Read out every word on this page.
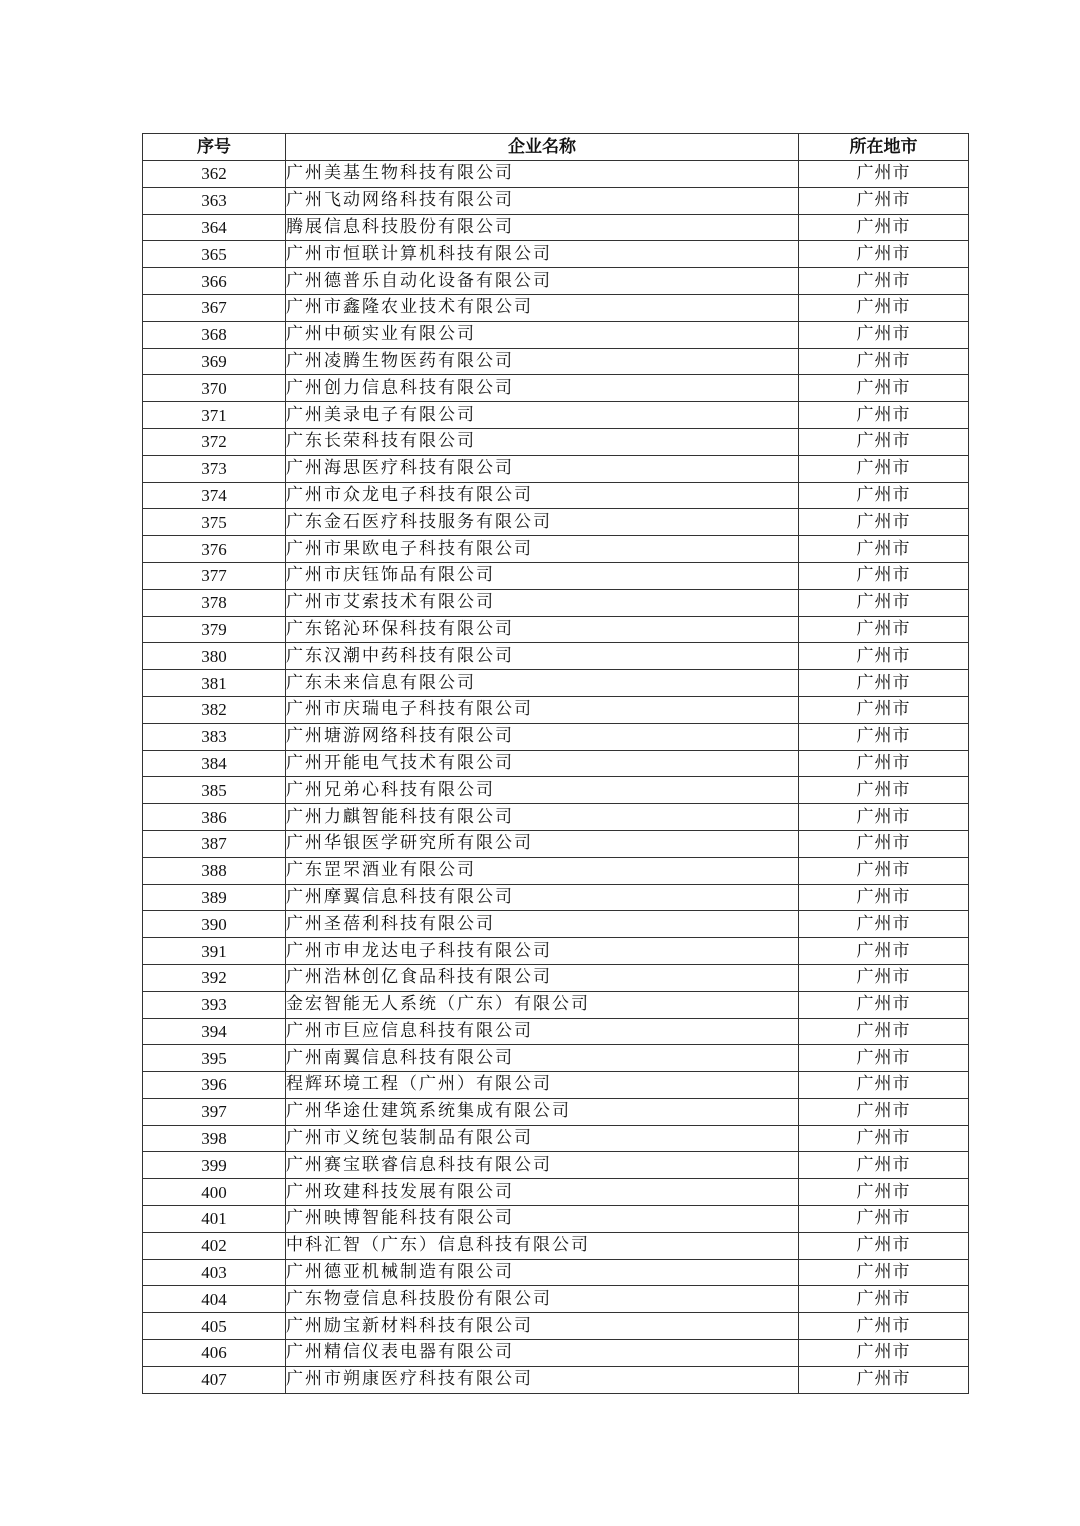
序号	企业名称	所在地市
362	广州美基生物科技有限公司	广州市
363	广州飞动网络科技有限公司	广州市
364	腾展信息科技股份有限公司	广州市
365	广州市恒联计算机科技有限公司	广州市
366	广州德普乐自动化设备有限公司	广州市
367	广州市鑫隆农业技术有限公司	广州市
368	广州中硕实业有限公司	广州市
369	广州凌腾生物医药有限公司	广州市
370	广州创力信息科技有限公司	广州市
371	广州美录电子有限公司	广州市
372	广东长荣科技有限公司	广州市
373	广州海思医疗科技有限公司	广州市
374	广州市众龙电子科技有限公司	广州市
375	广东金石医疗科技服务有限公司	广州市
376	广州市果欧电子科技有限公司	广州市
377	广州市庆钰饰品有限公司	广州市
378	广州市艾索技术有限公司	广州市
379	广东铭沁环保科技有限公司	广州市
380	广东汉潮中药科技有限公司	广州市
381	广东未来信息有限公司	广州市
382	广州市庆瑞电子科技有限公司	广州市
383	广州塘游网络科技有限公司	广州市
384	广州开能电气技术有限公司	广州市
385	广州兄弟心科技有限公司	广州市
386	广州力麒智能科技有限公司	广州市
387	广州华银医学研究所有限公司	广州市
388	广东罡罘酒业有限公司	广州市
389	广州摩翼信息科技有限公司	广州市
390	广州圣蓓利科技有限公司	广州市
391	广州市申龙达电子科技有限公司	广州市
392	广州浩林创亿食品科技有限公司	广州市
393	金宏智能无人系统（广东）有限公司	广州市
394	广州市巨应信息科技有限公司	广州市
395	广州南翼信息科技有限公司	广州市
396	程辉环境工程（广州）有限公司	广州市
397	广州华途仕建筑系统集成有限公司	广州市
398	广州市义统包装制品有限公司	广州市
399	广州赛宝联睿信息科技有限公司	广州市
400	广州玫建科技发展有限公司	广州市
401	广州映博智能科技有限公司	广州市
402	中科汇智（广东）信息科技有限公司	广州市
403	广州德亚机械制造有限公司	广州市
404	广东物壹信息科技股份有限公司	广州市
405	广州励宝新材料科技有限公司	广州市
406	广州精信仪表电器有限公司	广州市
407	广州市朔康医疗科技有限公司	广州市
